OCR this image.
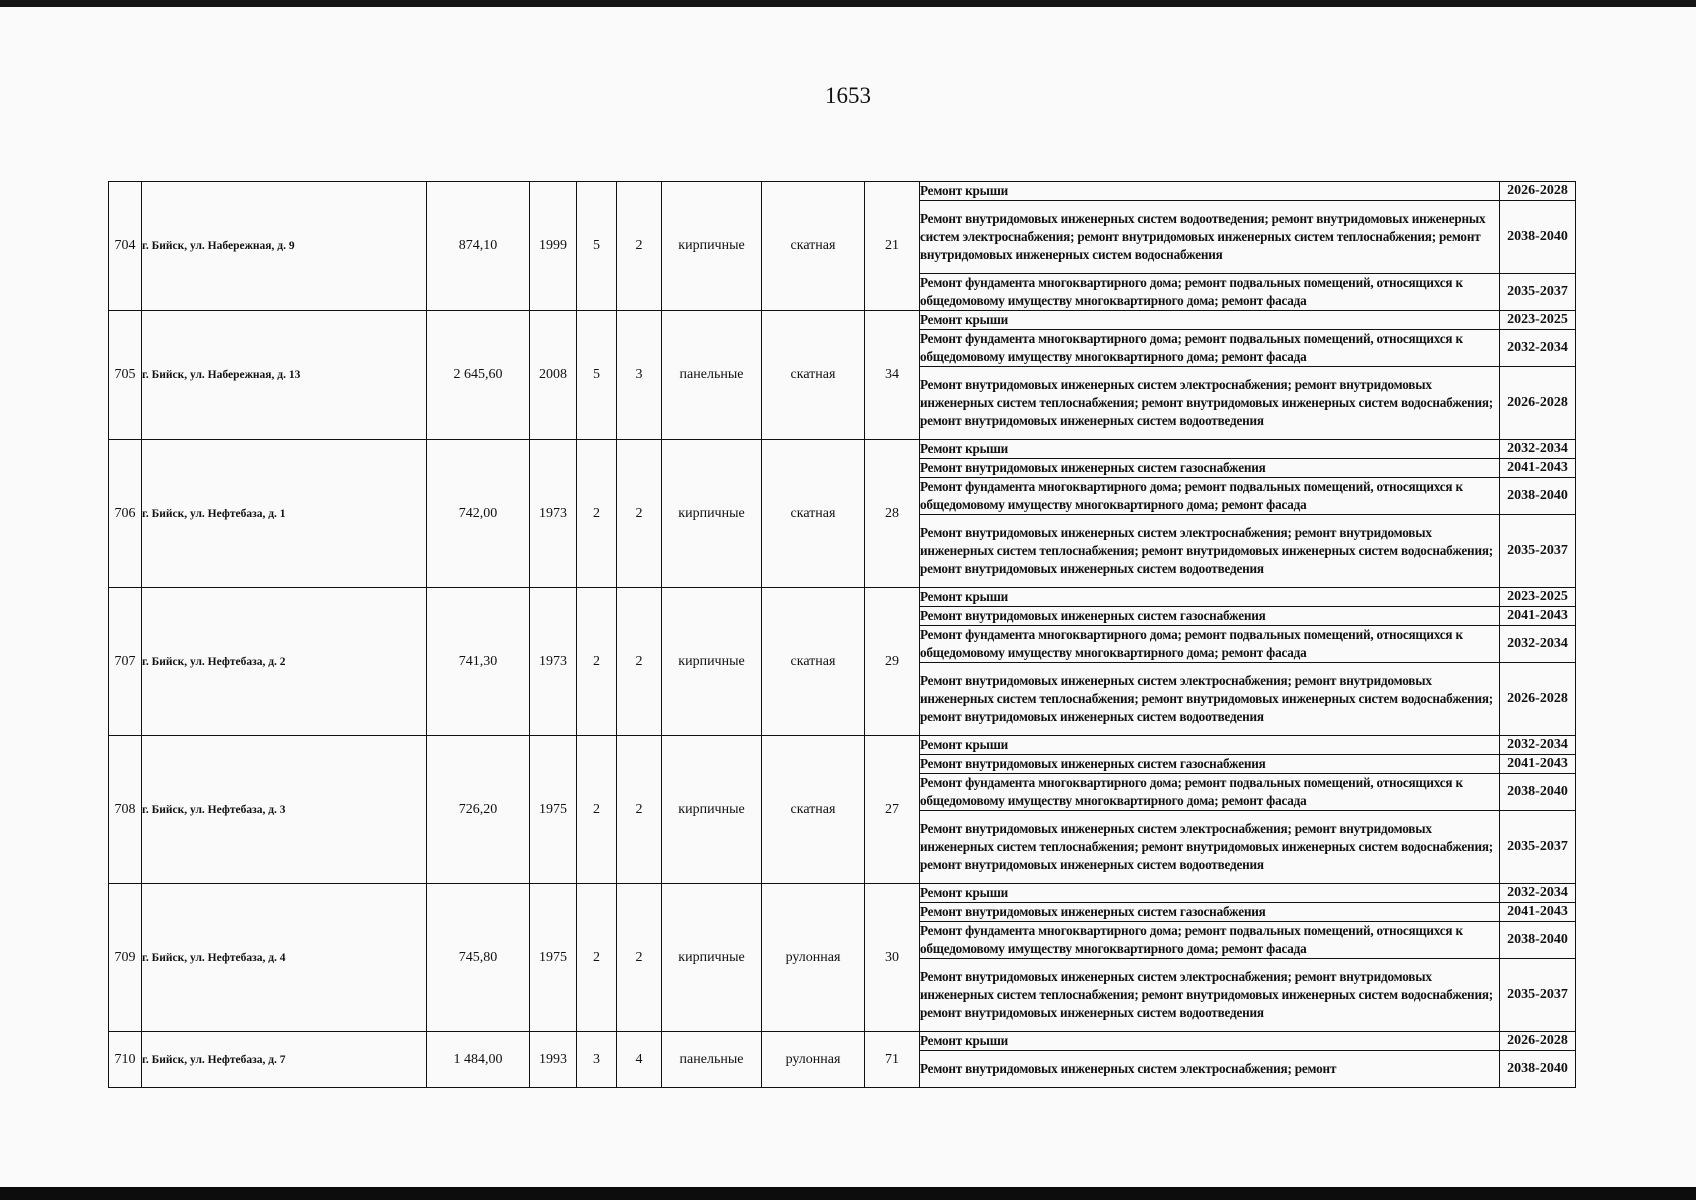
1653
704	г. Бийск, ул. Набережная, д. 9	874,10	1999	5	2	кирпичные	скатная	21	Ремонт крыши	2026-2028
									Ремонт внутридомовых инженерных систем водоотведения; ремонт внутридомовых инженерных систем электроснабжения; ремонт внутридомовых инженерных систем теплоснабжения; ремонт внутридомовых инженерных систем водоснабжения	2038-2040
									Ремонт фундамента многоквартирного дома; ремонт подвальных помещений, относящихся к общедомовому имуществу многоквартирного дома; ремонт фасада	2035-2037
705	г. Бийск, ул. Набережная, д. 13	2 645,60	2008	5	3	панельные	скатная	34	Ремонт крыши	2023-2025
									Ремонт фундамента многоквартирного дома; ремонт подвальных помещений, относящихся к общедомовому имуществу многоквартирного дома; ремонт фасада	2032-2034
									Ремонт внутридомовых инженерных систем электроснабжения; ремонт внутридомовых инженерных систем теплоснабжения; ремонт внутридомовых инженерных систем водоснабжения; ремонт внутридомовых инженерных систем водоотведения	2026-2028
706	г. Бийск, ул. Нефтебаза, д. 1	742,00	1973	2	2	кирпичные	скатная	28	Ремонт крыши	2032-2034
									Ремонт внутридомовых инженерных систем газоснабжения	2041-2043
									Ремонт фундамента многоквартирного дома; ремонт подвальных помещений, относящихся к общедомовому имуществу многоквартирного дома; ремонт фасада	2038-2040
									Ремонт внутридомовых инженерных систем электроснабжения; ремонт внутридомовых инженерных систем теплоснабжения; ремонт внутридомовых инженерных систем водоснабжения; ремонт внутридомовых инженерных систем водоотведения	2035-2037
707	г. Бийск, ул. Нефтебаза, д. 2	741,30	1973	2	2	кирпичные	скатная	29	Ремонт крыши	2023-2025
									Ремонт внутридомовых инженерных систем газоснабжения	2041-2043
									Ремонт фундамента многоквартирного дома; ремонт подвальных помещений, относящихся к общедомовому имуществу многоквартирного дома; ремонт фасада	2032-2034
									Ремонт внутридомовых инженерных систем электроснабжения; ремонт внутридомовых инженерных систем теплоснабжения; ремонт внутридомовых инженерных систем водоснабжения; ремонт внутридомовых инженерных систем водоотведения	2026-2028
708	г. Бийск, ул. Нефтебаза, д. 3	726,20	1975	2	2	кирпичные	скатная	27	Ремонт крыши	2032-2034
									Ремонт внутридомовых инженерных систем газоснабжения	2041-2043
									Ремонт фундамента многоквартирного дома; ремонт подвальных помещений, относящихся к общедомовому имуществу многоквартирного дома; ремонт фасада	2038-2040
									Ремонт внутридомовых инженерных систем электроснабжения; ремонт внутридомовых инженерных систем теплоснабжения; ремонт внутридомовых инженерных систем водоснабжения; ремонт внутридомовых инженерных систем водоотведения	2035-2037
709	г. Бийск, ул. Нефтебаза, д. 4	745,80	1975	2	2	кирпичные	рулонная	30	Ремонт крыши	2032-2034
									Ремонт внутридомовых инженерных систем газоснабжения	2041-2043
									Ремонт фундамента многоквартирного дома; ремонт подвальных помещений, относящихся к общедомовому имуществу многоквартирного дома; ремонт фасада	2038-2040
									Ремонт внутридомовых инженерных систем электроснабжения; ремонт внутридомовых инженерных систем теплоснабжения; ремонт внутридомовых инженерных систем водоснабжения; ремонт внутридомовых инженерных систем водоотведения	2035-2037
710	г. Бийск, ул. Нефтебаза, д. 7	1 484,00	1993	3	4	панельные	рулонная	71	Ремонт крыши	2026-2028
									Ремонт внутридомовых инженерных систем электроснабжения; ремонт	2038-2040
